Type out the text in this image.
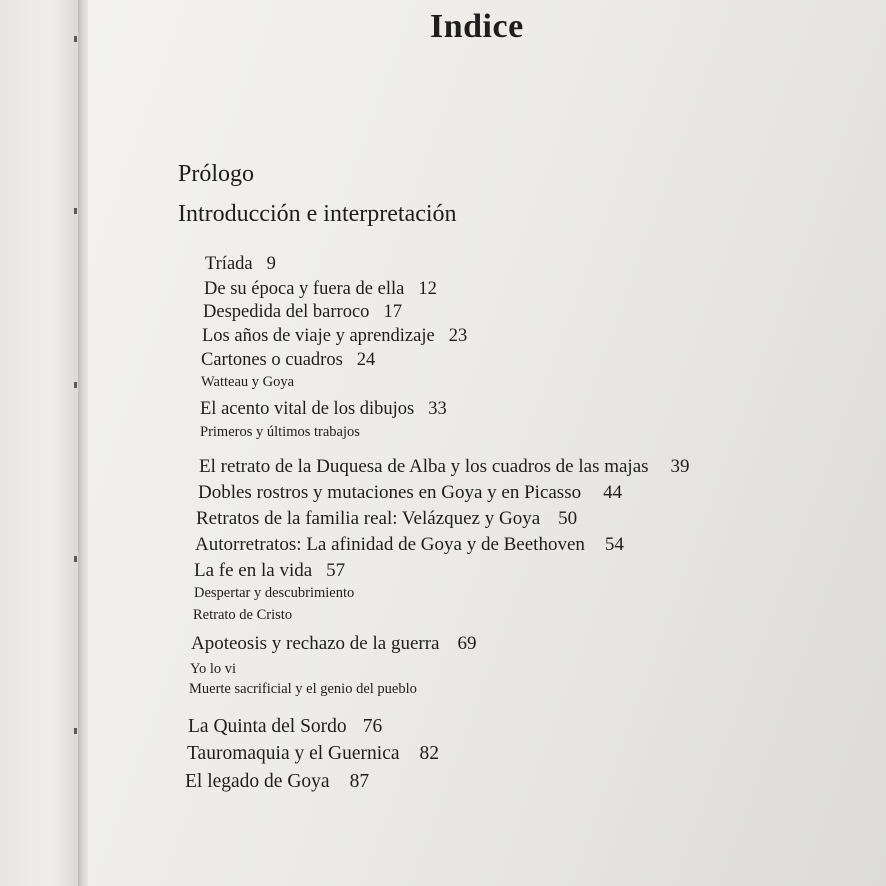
Indice
Prólogo
Introducción e interpretación
Tríada 9
De su época y fuera de ella 12
Despedida del barroco 17
Los años de viaje y aprendizaje 23
Cartones o cuadros 24
Watteau y Goya
El acento vital de los dibujos 33
Primeros y últimos trabajos
El retrato de la Duquesa de Alba y los cuadros de las majas 39
Dobles rostros y mutaciones en Goya y en Picasso 44
Retratos de la familia real: Velázquez y Goya 50
Autorretratos: La afinidad de Goya y de Beethoven 54
La fe en la vida 57
Despertar y descubrimiento
Retrato de Cristo
Apoteosis y rechazo de la guerra 69
Yo lo vi
Muerte sacrificial y el genio del pueblo
La Quinta del Sordo 76
Tauromaquia y el Guernica 82
El legado de Goya 87
